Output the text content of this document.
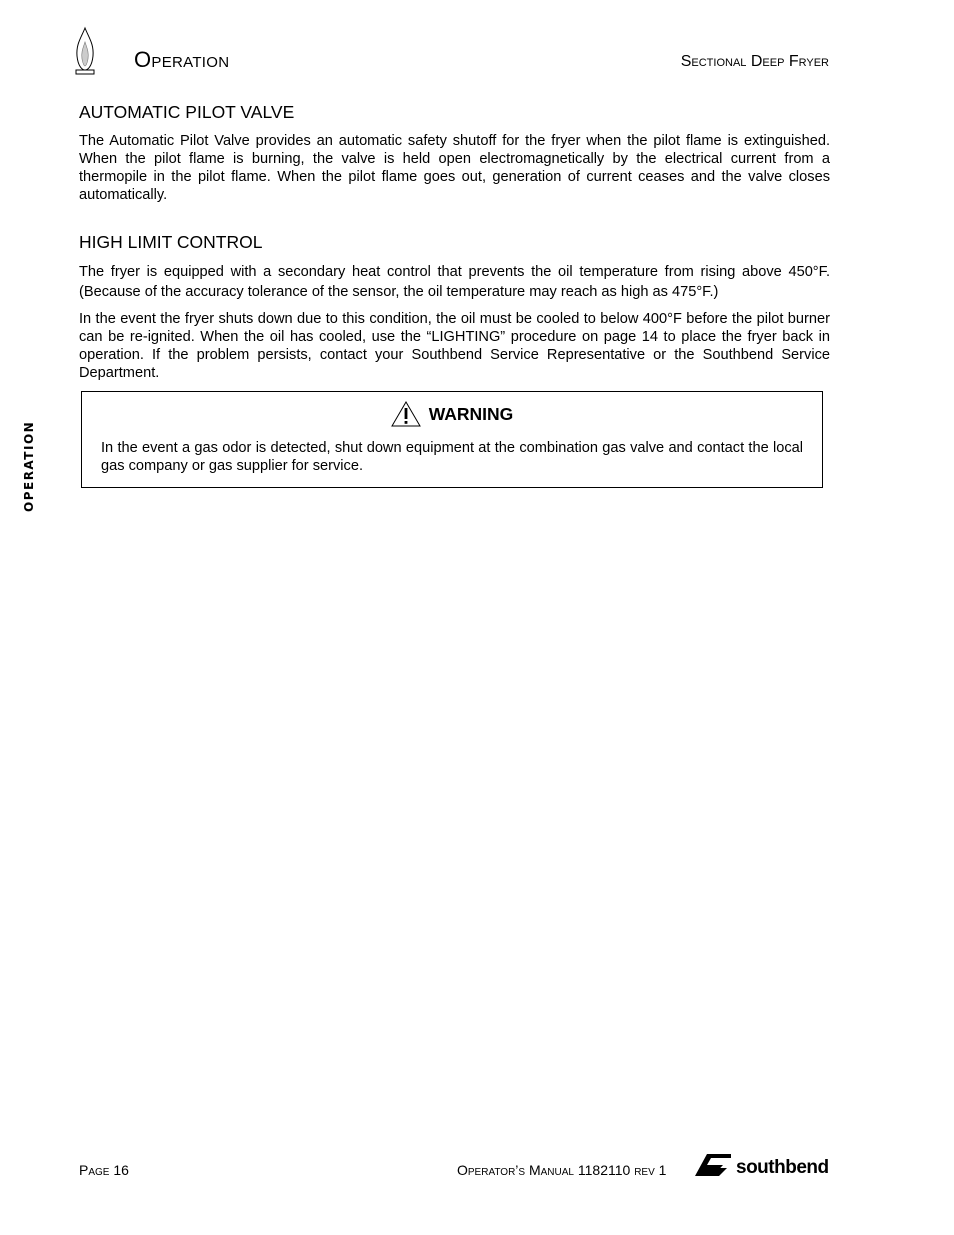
Operation	Sectional Deep Fryer
AUTOMATIC PILOT VALVE

The Automatic Pilot Valve provides an automatic safety shutoff for the fryer when the pilot flame is extinguished. When the pilot flame is burning, the valve is held open electromagnetically by the electrical current from a thermopile in the pilot flame. When the pilot flame goes out, generation of current ceases and the valve closes automatically.

HIGH LIMIT CONTROL

The fryer is equipped with a secondary heat control that prevents the oil temperature from rising above 450°F. (Because of the accuracy tolerance of the sensor, the oil temperature may reach as high as 475°F.)

In the event the fryer shuts down due to this condition, the oil must be cooled to below 400°F before the pilot burner can be re-ignited. When the oil has cooled, use the “LIGHTING” procedure on page 14 to place the fryer back in operation. If the problem persists, contact your Southbend Service Representative or the Southbend Service Department.

WARNING

In the event a gas odor is detected, shut down equipment at the combination gas valve and contact the local gas company or gas supplier for service.

OPERATION
Page 16	Operator’s Manual 1182110 rev 1	southbend
